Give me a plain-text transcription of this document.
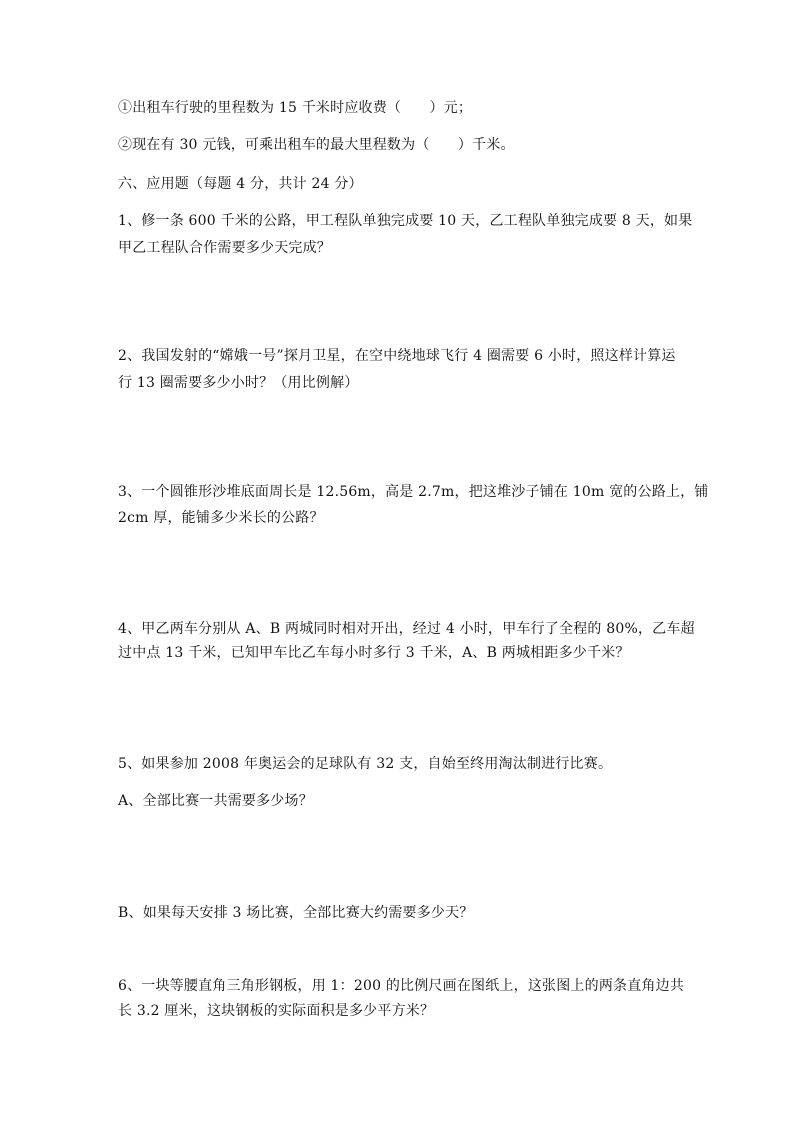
①出租车行驶的里程数为 15 千米时应收费（　　）元；
②现在有 30 元钱，可乘出租车的最大里程数为（　　）千米。
六、应用题（每题 4 分，共计 24 分）
1、修一条 600 千米的公路，甲工程队单独完成要 10 天，乙工程队单独完成要 8 天，如果
甲乙工程队合作需要多少天完成？
2、我国发射的“嫦娥一号”探月卫星，在空中绕地球飞行 4 圈需要 6 小时，照这样计算运
行 13 圈需要多少小时？（用比例解）
3、一个圆锥形沙堆底面周长是 12.56m，高是 2.7m，把这堆沙子铺在 10m 宽的公路上，铺
2cm 厚，能铺多少米长的公路？
4、甲乙两车分别从 A、B 两城同时相对开出，经过 4 小时，甲车行了全程的 80%，乙车超
过中点 13 千米，已知甲车比乙车每小时多行 3 千米，A、B 两城相距多少千米？
5、如果参加 2008 年奥运会的足球队有 32 支，自始至终用淘汰制进行比赛。
A、全部比赛一共需要多少场？
B、如果每天安排 3 场比赛，全部比赛大约需要多少天？
6、一块等腰直角三角形钢板，用 1：200 的比例尺画在图纸上，这张图上的两条直角边共
长 3.2 厘米，这块钢板的实际面积是多少平方米？
